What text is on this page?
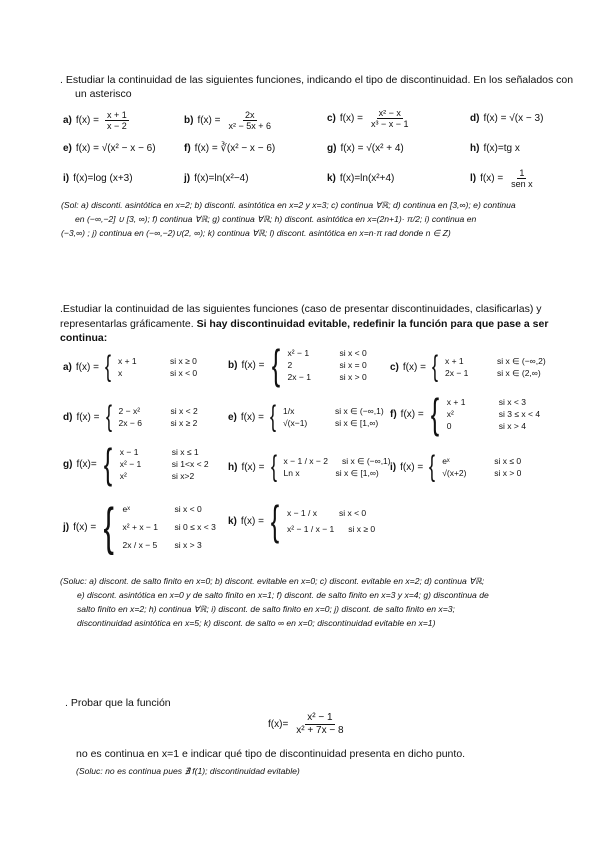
. Estudiar la continuidad de las siguientes funciones, indicando el tipo de discontinuidad. En los señalados con
un asterisco
a) $f(x) = \frac{x + 1}{x - 2}$	b) $f(x) = \frac{2x}{\text{x² − 5x + 6}}$	c) $f(x) = \frac{\text{x² − x}}{\text{x³ − x − 1}}$	d) f(x) = √(x − 3)
e) f(x) = √(x² − x − 6)	f) f(x) = ∛(x² − x − 6)	g) f(x) = √(x² + 4)	h) f(x)=tg x
i) f(x)=log (x+3)	j) f(x)=ln(x²−4)	k) f(x)=ln(x²+4)	l) $f(x) = \frac{1}{\text{sen x}}$
(Sol: a) disconti. asintótica en x=2; b) disconti. asintótica en x=2 y x=3; c) continua ∀ℝ; d) continua en [3,∞); e) continua
en (−∞,−2] ∪ [3, ∞); f) continua ∀ℝ; g) continua ∀ℝ; h) discont. asintótica en x=(2n+1)· π/2; i) continua en
(−3,∞) ; j) continua en (−∞,−2)∪(2, ∞); k) continua ∀ℝ; l) discont. asintótica en x=n·π rad donde n ∈ Z)
.Estudiar la continuidad de las siguientes funciones (caso de presentar discontinuidades, clasificarlas) y
representarlas gráficamente. Si hay discontinuidad evitable, redefinir la función para que pase a ser
continua:
a) f(x) = { x + 1	si x ≥ 0
x	si x < 0
b) f(x) = { x² − 1	si x < 0
2	si x = 0
2x − 1	si x > 0
c) f(x) = { x + 1	si x ∈ (−∞,2)
2x − 1	si x ∈ (2,∞)
d) f(x) = { 2 − x²	si x < 2
2x − 6	si x ≥ 2
e) f(x) = { 1/x	si x ∈ (−∞,1)
√(x−1)	si x ∈ [1,∞)
f) f(x) = { x + 1	si x < 3
x²	si 3 ≤ x < 4
0	si x > 4
g) f(x)= { x − 1	si x ≤ 1
x² − 1	si 1<x < 2
x²	si x>2
h) f(x) = { x − 1 / x − 2 si x ∈ (−∞,1)
Ln x	si x ∈ [1,∞)
i) f(x) = { eˣ	si x ≤ 0
√(x+2)	si x > 0
j) f(x) = { eˣ	si x < 0
x² + x − 1	si 0 ≤ x < 3
2x / x − 5	si x > 3
k) f(x) = { x − 1 / x	si x < 0
x² − 1 / x − 1 si x ≥ 0
(Soluc: a) discont. de salto finito en x=0; b) discont. evitable en x=0; c) discont. evitable en x=2; d) continua ∀ℝ;
e) discont. asintótica en x=0 y de salto finito en x=1; f) discont. de salto finito en x=3 y x=4; g) discontinua de
salto finito en x=2; h) continua ∀ℝ; i) discont. de salto finito en x=0; j) discont. de salto finito en x=3;
discontinuidad asintótica en x=5; k) discont. de salto ∞ en x=0; discontinuidad evitable en x=1)
. Probar que la función
$f(x)= \frac{\text{x² − 1}}{\text{x² + 7x − 8}}$
no es continua en x=1 e indicar qué tipo de discontinuidad presenta en dicho punto.
(Soluc: no es continua pues ∄ f(1); discontinuidad evitable)
